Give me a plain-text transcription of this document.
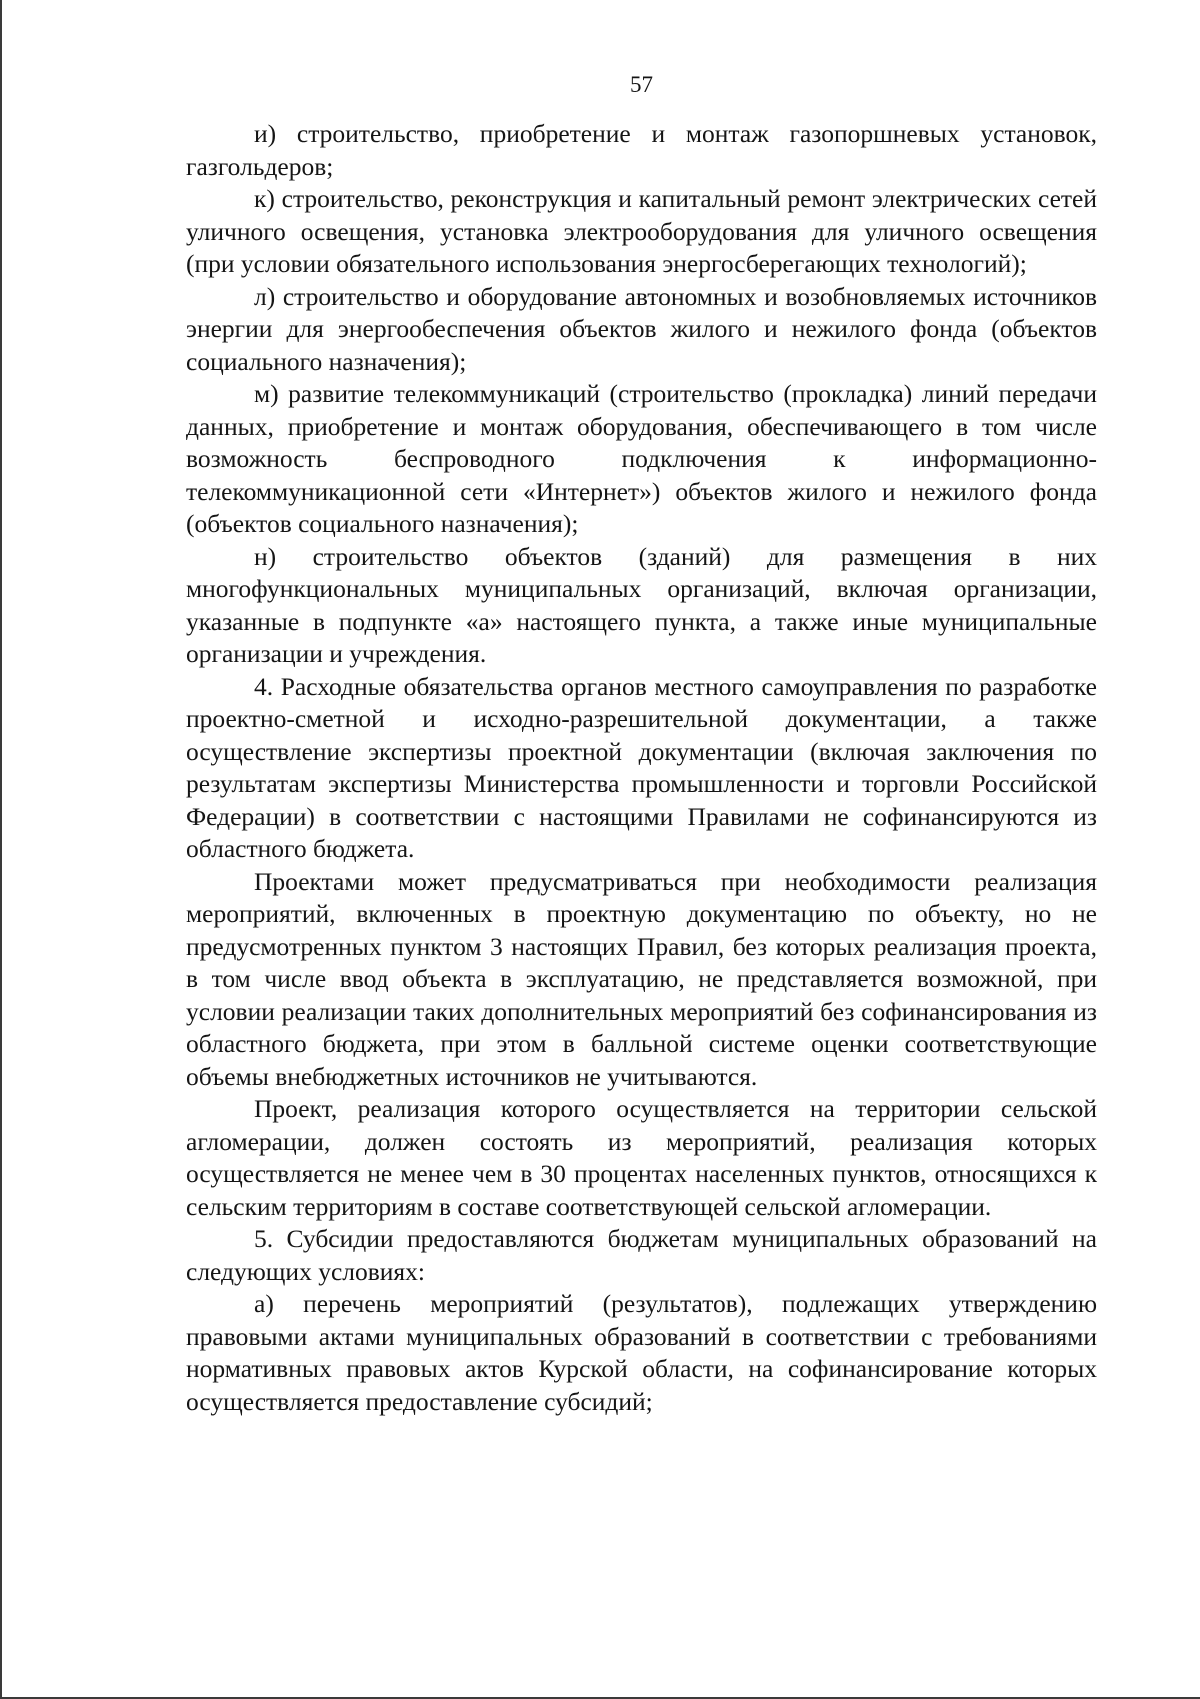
57

и) строительство, приобретение и монтаж газопоршневых установок, газгольдеров;

к) строительство, реконструкция и капитальный ремонт электрических сетей уличного освещения, установка электрооборудования для уличного освещения (при условии обязательного использования энергосберегающих технологий);

л) строительство и оборудование автономных и возобновляемых источников энергии для энергообеспечения объектов жилого и нежилого фонда (объектов социального назначения);

м) развитие телекоммуникаций (строительство (прокладка) линий передачи данных, приобретение и монтаж оборудования, обеспечивающего в том числе возможность беспроводного подключения к информационно-телекоммуникационной сети «Интернет») объектов жилого и нежилого фонда (объектов социального назначения);

н) строительство объектов (зданий) для размещения в них многофункциональных муниципальных организаций, включая организации, указанные в подпункте «а» настоящего пункта, а также иные муниципальные организации и учреждения.

4. Расходные обязательства органов местного самоуправления по разработке проектно-сметной и исходно-разрешительной документации, а также осуществление экспертизы проектной документации (включая заключения по результатам экспертизы Министерства промышленности и торговли Российской Федерации) в соответствии с настоящими Правилами не софинансируются из областного бюджета.

Проектами может предусматриваться при необходимости реализация мероприятий, включенных в проектную документацию по объекту, но не предусмотренных пунктом 3 настоящих Правил, без которых реализация проекта, в том числе ввод объекта в эксплуатацию, не представляется возможной, при условии реализации таких дополнительных мероприятий без софинансирования из областного бюджета, при этом в балльной системе оценки соответствующие объемы внебюджетных источников не учитываются.

Проект, реализация которого осуществляется на территории сельской агломерации, должен состоять из мероприятий, реализация которых осуществляется не менее чем в 30 процентах населенных пунктов, относящихся к сельским территориям в составе соответствующей сельской агломерации.

5. Субсидии предоставляются бюджетам муниципальных образований на следующих условиях:

а) перечень мероприятий (результатов), подлежащих утверждению правовыми актами муниципальных образований в соответствии с требованиями нормативных правовых актов Курской области, на софинансирование которых осуществляется предоставление субсидий;
